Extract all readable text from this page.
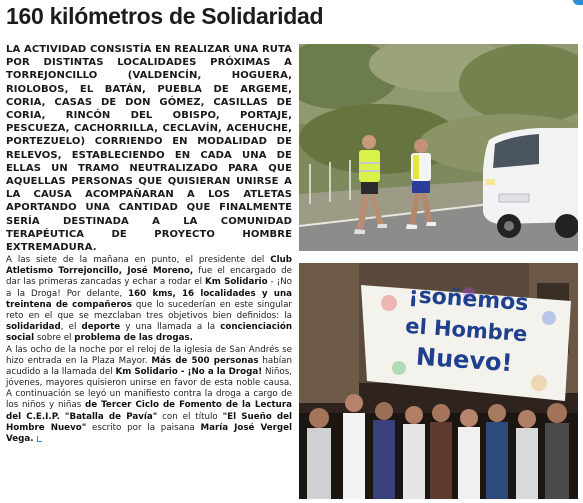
160 kilómetros de Solidaridad

LA ACTIVIDAD CONSISTÍA EN REALIZAR UNA RUTA POR DISTINTAS LOCALIDADES PRÓXIMAS A TORREJONCILLO (VALDENCÍN, HOGUERA, RIOLOBOS, EL BATÁN, PUEBLA DE ARGEME, CORIA, CASAS DE DON GÓMEZ, CASILLAS DE CORIA, RINCÓN DEL OBISPO, PORTAJE, PESCUEZA, CACHORRILLA, CECLAVÍN, ACEHUCHE, PORTEZUELO) CORRIENDO EN MODALIDAD DE RELEVOS, ESTABLECIENDO EN CADA UNA DE ELLAS UN TRAMO NEUTRALIZADO PARA QUE AQUELLAS PERSONAS QUE QUISIERAN UNIRSE A LA CAUSA ACOMPAÑARAN A LOS ATLETAS APORTANDO UNA CANTIDAD QUE FINALMENTE SERÍA DESTINADA A LA COMUNIDAD TERAPÉUTICA DE PROYECTO HOMBRE EXTREMADURA.

A las siete de la mañana en punto, el presidente del Club Atletismo Torrejoncillo, José Moreno, fue el encargado de dar las primeras zancadas y echar a rodar el Km Solidario - ¡No a la Droga! Por delante, 160 kms, 16 localidades y una treintena de compañeros que lo sucederían en este singular reto en el que se mezclaban tres objetivos bien definidos: la solidaridad, el deporte y una llamada a la concienciación social sobre el problema de las drogas.

A las ocho de la noche por el reloj de la iglesia de San Andrés se hizo entrada en la Plaza Mayor. Más de 500 personas habían acudido a la llamada del Km Solidario - ¡No a la Droga! Niños, jóvenes, mayores quisieron unirse en favor de esta noble causa. A continuación se leyó un manifiesto contra la droga a cargo de los niños y niñas de Tercer Ciclo de Fomento de la Lectura del C.E.I.P. "Batalla de Pavía" con el título "El Sueño del Hombre Nuevo" escrito por la paisana María José Vergel Vega.

¡soñemos
el Hombre
Nuevo!
